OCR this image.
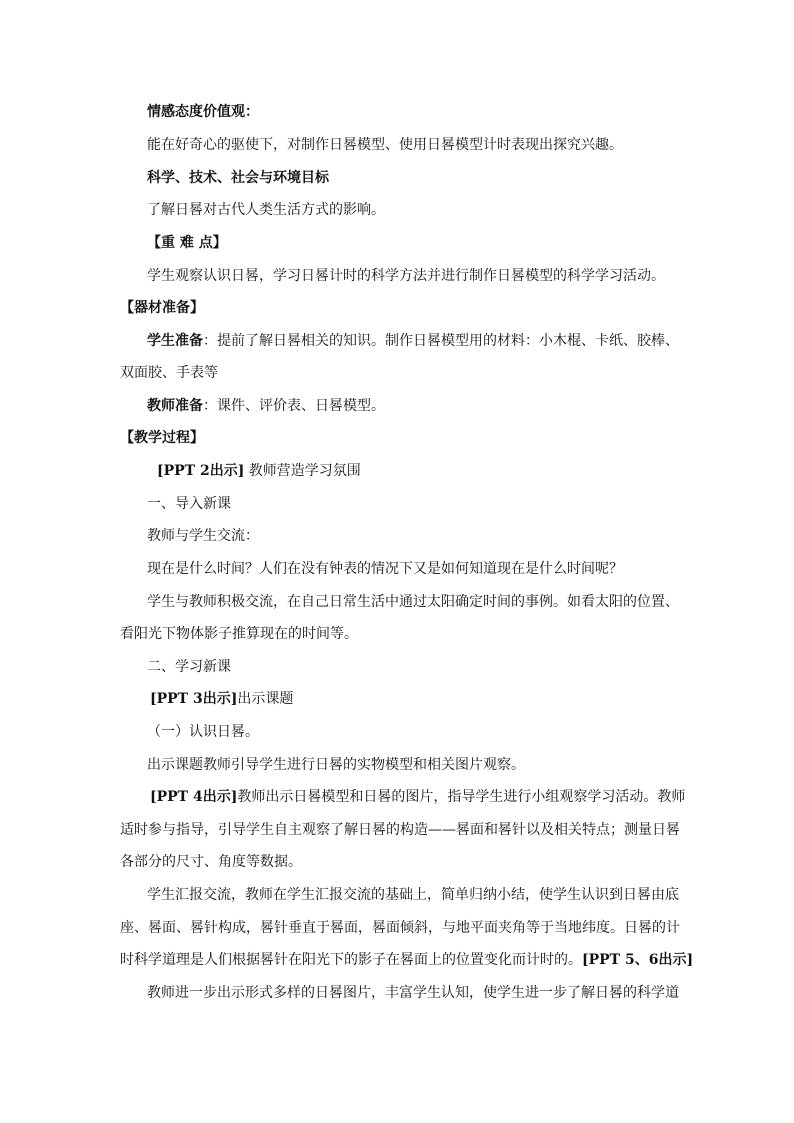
情感态度价值观：
能在好奇心的驱使下，对制作日晷模型、使用日晷模型计时表现出探究兴趣。
科学、技术、社会与环境目标
了解日晷对古代人类生活方式的影响。
【重 难 点】
学生观察认识日晷，学习日晷计时的科学方法并进行制作日晷模型的科学学习活动。
【器材准备】
学生准备：提前了解日晷相关的知识。制作日晷模型用的材料：小木棍、卡纸、胶棒、
双面胶、手表等
教师准备：课件、评价表、日晷模型。
【教学过程】
[PPT 2出示] 教师营造学习氛围
一、导入新课
教师与学生交流：
现在是什么时间？人们在没有钟表的情况下又是如何知道现在是什么时间呢？
学生与教师积极交流，在自己日常生活中通过太阳确定时间的事例。如看太阳的位置、
看阳光下物体影子推算现在的时间等。
二、学习新课
[PPT 3出示]出示课题
（一）认识日晷。
出示课题教师引导学生进行日晷的实物模型和相关图片观察。
[PPT 4出示]教师出示日晷模型和日晷的图片，指导学生进行小组观察学习活动。教师
适时参与指导，引导学生自主观察了解日晷的构造——晷面和晷针以及相关特点；测量日晷
各部分的尺寸、角度等数据。
学生汇报交流，教师在学生汇报交流的基础上，简单归纳小结，使学生认识到日晷由底
座、晷面、晷针构成，晷针垂直于晷面，晷面倾斜，与地平面夹角等于当地纬度。日晷的计
时科学道理是人们根据晷针在阳光下的影子在晷面上的位置变化而计时的。[PPT 5、6出示]
教师进一步出示形式多样的日晷图片，丰富学生认知，使学生进一步了解日晷的科学道
